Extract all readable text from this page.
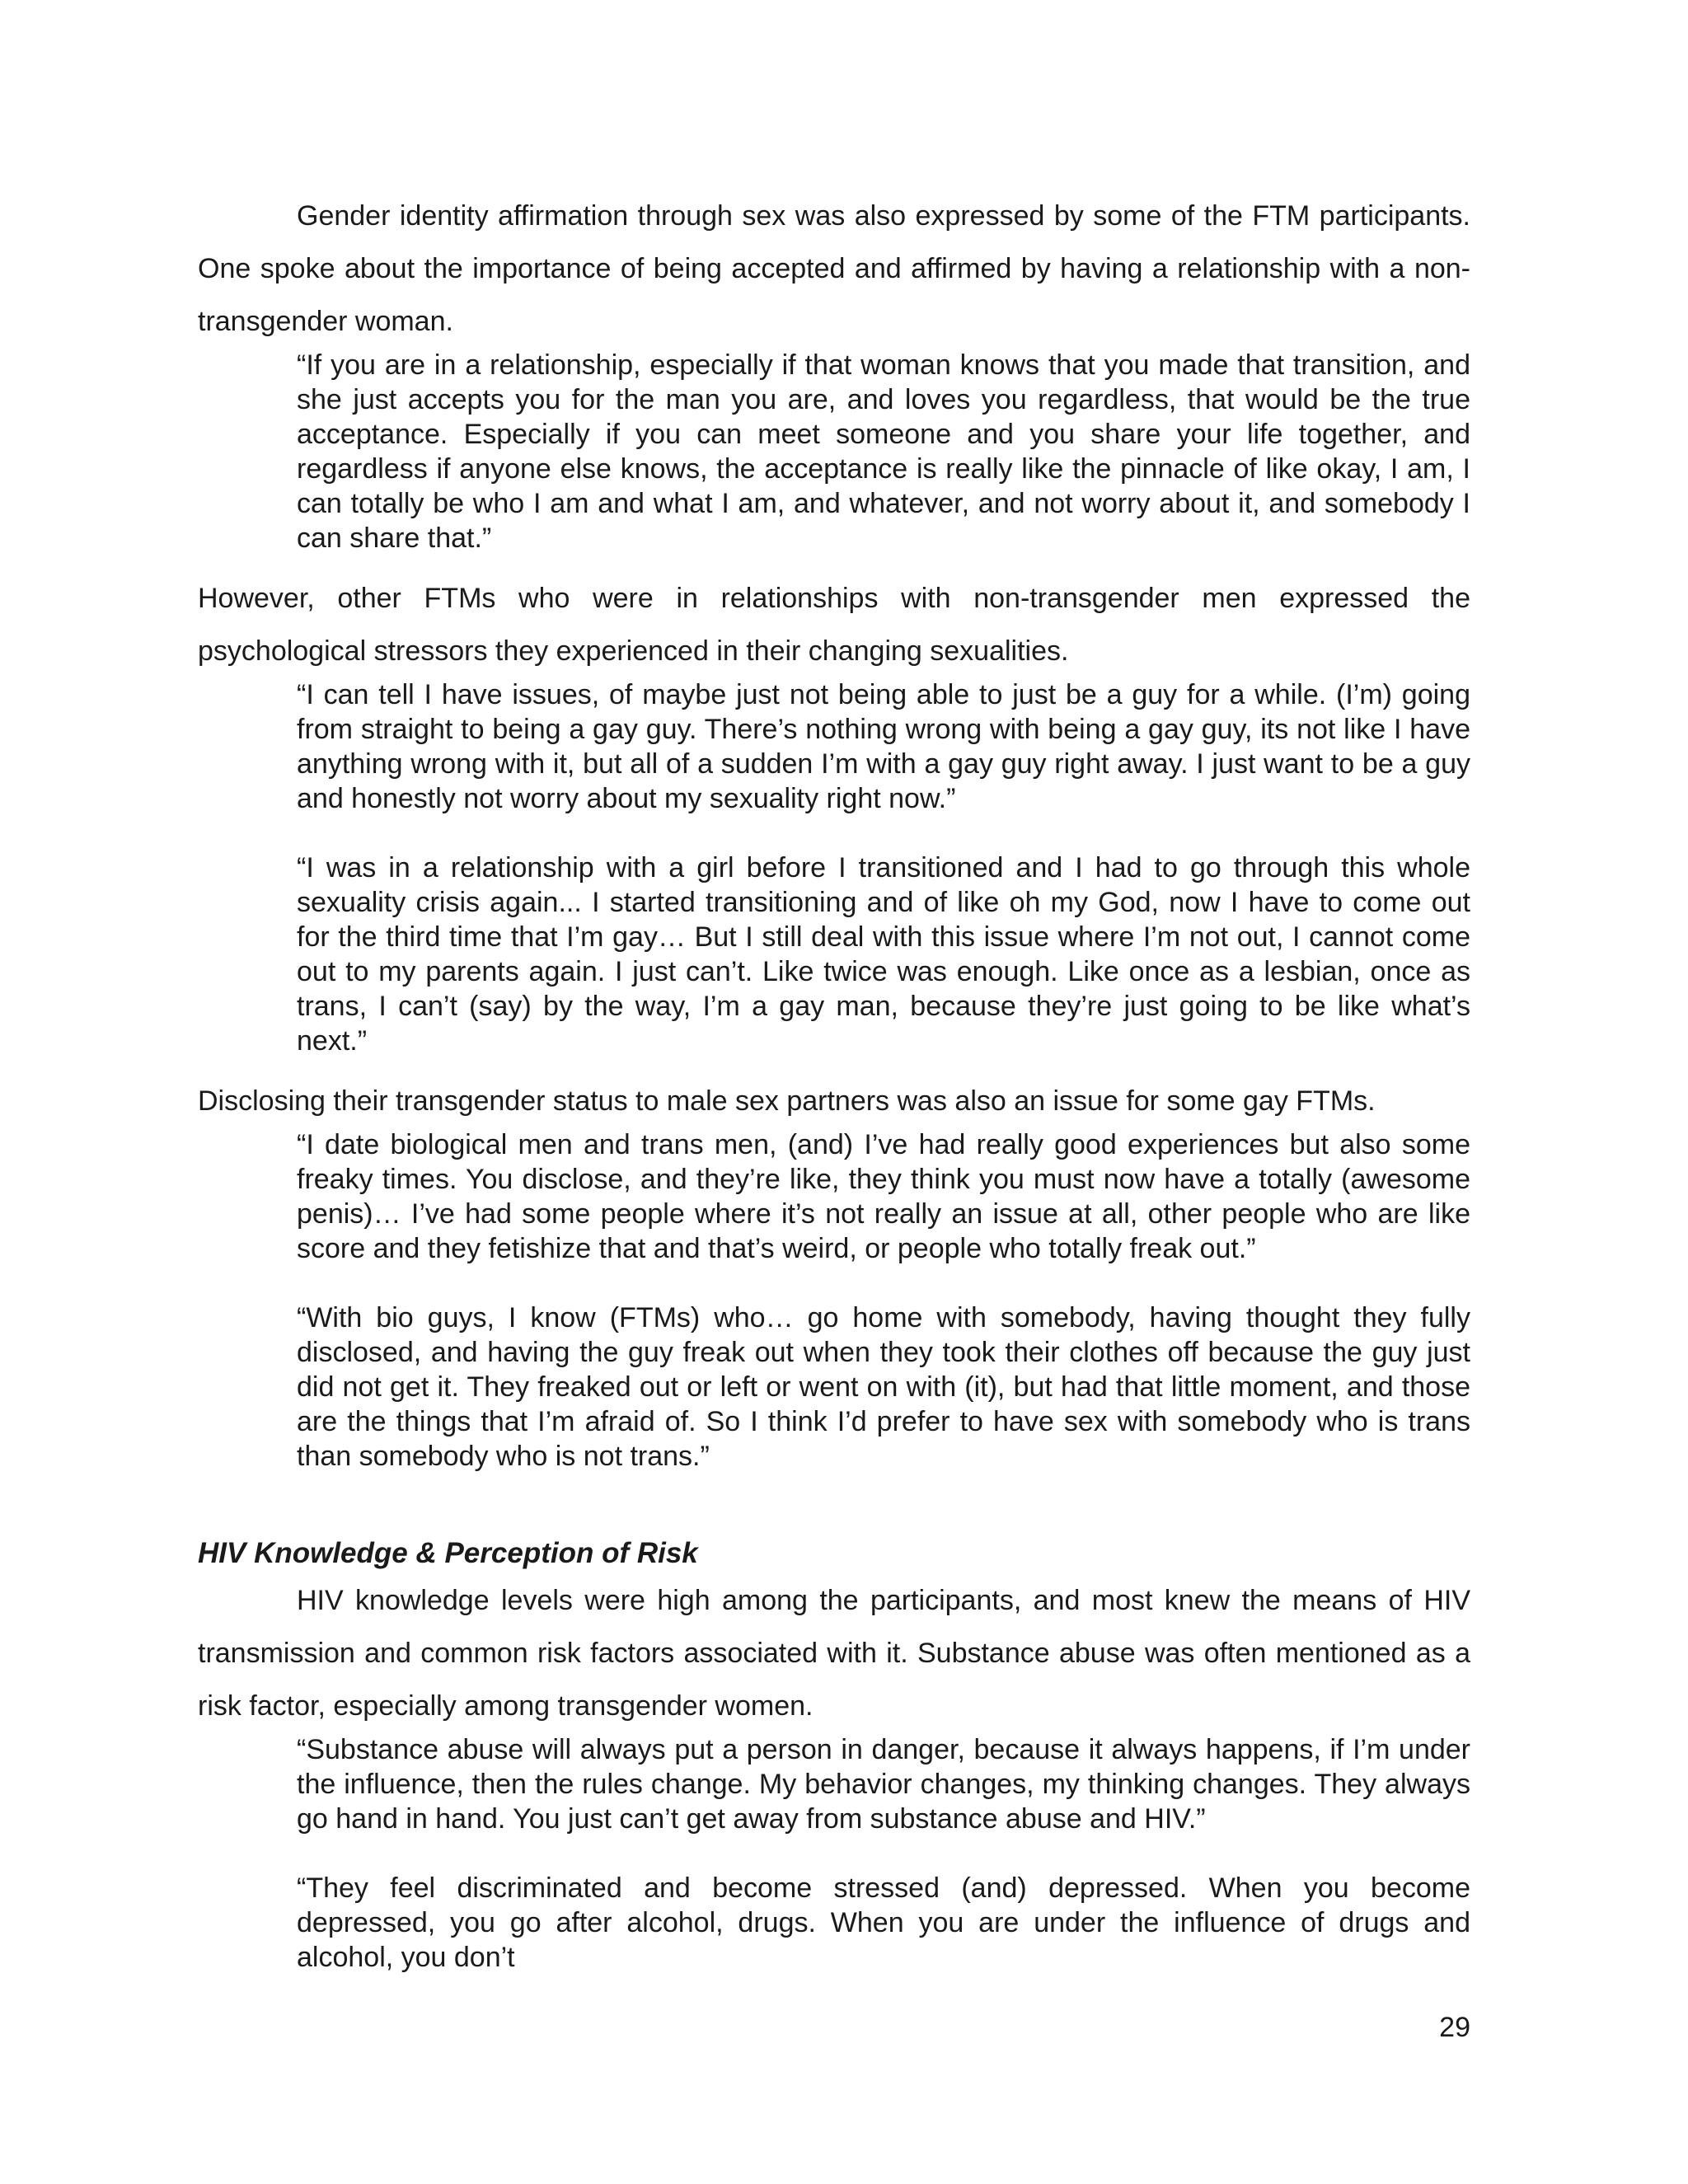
Gender identity affirmation through sex was also expressed by some of the FTM participants. One spoke about the importance of being accepted and affirmed by having a relationship with a non-transgender woman.

“If you are in a relationship, especially if that woman knows that you made that transition, and she just accepts you for the man you are, and loves you regardless, that would be the true acceptance. Especially if you can meet someone and you share your life together, and regardless if anyone else knows, the acceptance is really like the pinnacle of like okay, I am, I can totally be who I am and what I am, and whatever, and not worry about it, and somebody I can share that.”

However, other FTMs who were in relationships with non-transgender men expressed the psychological stressors they experienced in their changing sexualities.

“I can tell I have issues, of maybe just not being able to just be a guy for a while. (I’m) going from straight to being a gay guy. There’s nothing wrong with being a gay guy, its not like I have anything wrong with it, but all of a sudden I’m with a gay guy right away. I just want to be a guy and honestly not worry about my sexuality right now.”

“I was in a relationship with a girl before I transitioned and I had to go through this whole sexuality crisis again... I started transitioning and of like oh my God, now I have to come out for the third time that I’m gay… But I still deal with this issue where I’m not out, I cannot come out to my parents again. I just can’t. Like twice was enough. Like once as a lesbian, once as trans, I can’t (say) by the way, I’m a gay man, because they’re just going to be like what’s next.”

Disclosing their transgender status to male sex partners was also an issue for some gay FTMs.

“I date biological men and trans men, (and) I’ve had really good experiences but also some freaky times. You disclose, and they’re like, they think you must now have a totally (awesome penis)… I’ve had some people where it’s not really an issue at all, other people who are like score and they fetishize that and that’s weird, or people who totally freak out.”

“With bio guys, I know (FTMs) who… go home with somebody, having thought they fully disclosed, and having the guy freak out when they took their clothes off because the guy just did not get it. They freaked out or left or went on with (it), but had that little moment, and those are the things that I’m afraid of. So I think I’d prefer to have sex with somebody who is trans than somebody who is not trans.”

HIV Knowledge & Perception of Risk

HIV knowledge levels were high among the participants, and most knew the means of HIV transmission and common risk factors associated with it. Substance abuse was often mentioned as a risk factor, especially among transgender women.

“Substance abuse will always put a person in danger, because it always happens, if I’m under the influence, then the rules change. My behavior changes, my thinking changes. They always go hand in hand. You just can’t get away from substance abuse and HIV.”

“They feel discriminated and become stressed (and) depressed. When you become depressed, you go after alcohol, drugs. When you are under the influence of drugs and alcohol, you don’t

29
